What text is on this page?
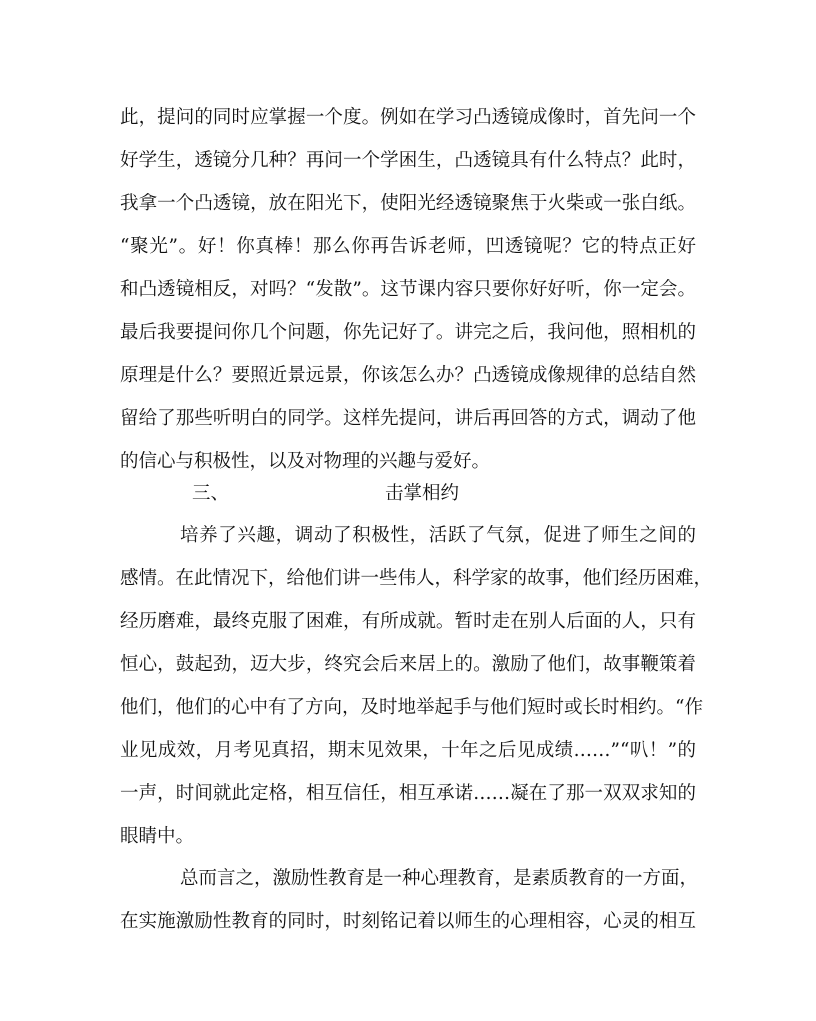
此，提问的同时应掌握一个度。例如在学习凸透镜成像时，首先问一个
好学生，透镜分几种？再问一个学困生，凸透镜具有什么特点？此时，
我拿一个凸透镜，放在阳光下，使阳光经透镜聚焦于火柴或一张白纸。
“聚光”。好！你真棒！那么你再告诉老师，凹透镜呢？它的特点正好
和凸透镜相反，对吗？“发散”。这节课内容只要你好好听，你一定会。
最后我要提问你几个问题，你先记好了。讲完之后，我问他，照相机的
原理是什么？要照近景远景，你该怎么办？凸透镜成像规律的总结自然
留给了那些听明白的同学。这样先提问，讲后再回答的方式，调动了他
的信心与积极性，以及对物理的兴趣与爱好。
三、	击掌相约
培养了兴趣，调动了积极性，活跃了气氛，促进了师生之间的
感情。在此情况下，给他们讲一些伟人，科学家的故事，他们经历困难，
经历磨难，最终克服了困难，有所成就。暂时走在别人后面的人，只有
恒心，鼓起劲，迈大步，终究会后来居上的。激励了他们，故事鞭策着
他们，他们的心中有了方向，及时地举起手与他们短时或长时相约。“作
业见成效，月考见真招，期末见效果，十年之后见成绩……”“叭！”的
一声，时间就此定格，相互信任，相互承诺……凝在了那一双双求知的
眼睛中。
总而言之，激励性教育是一种心理教育，是素质教育的一方面，
在实施激励性教育的同时，时刻铭记着以师生的心理相容，心灵的相互
